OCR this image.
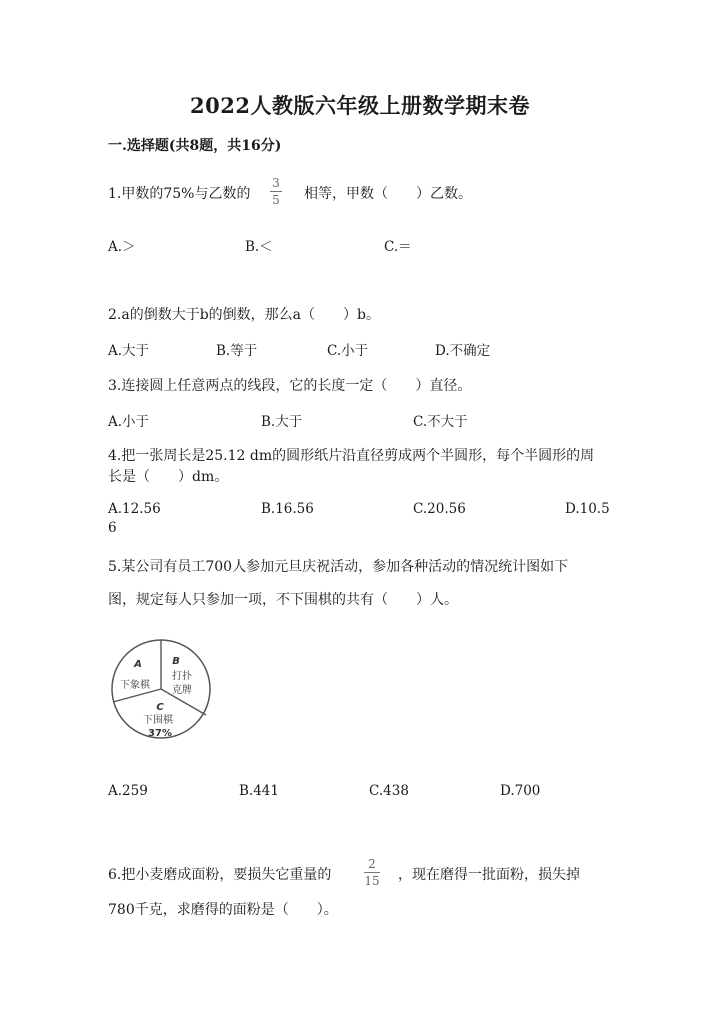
2022人教版六年级上册数学期末卷
一.选择题(共8题，共16分)
1.甲数的75%与乙数的
3
5 相等，甲数（　　）乙数。
A.＞	B.＜	C.＝
2.a的倒数大于b的倒数，那么a（　　）b。
A.大于	B.等于	C.小于	D.不确定
3.连接圆上任意两点的线段，它的长度一定（　　）直径。
A.小于	B.大于	C.不大于
4.把一张周长是25.12 dm的圆形纸片沿直径剪成两个半圆形，每个半圆形的周
长是（　　）dm。
A.12.56	B.16.56	C.20.56	D.10.5
6
5.某公司有员工700人参加元旦庆祝活动，参加各种活动的情况统计图如下
图，规定每人只参加一项，不下围棋的共有（　　）人。
A
下象棋
B
打扑
克牌
C
下围棋
37%
A.259	B.441	C.438	D.700
6.把小麦磨成面粉，要损失它重量的
2
15 ，现在磨得一批面粉，损失掉
780千克，求磨得的面粉是（　　）。
